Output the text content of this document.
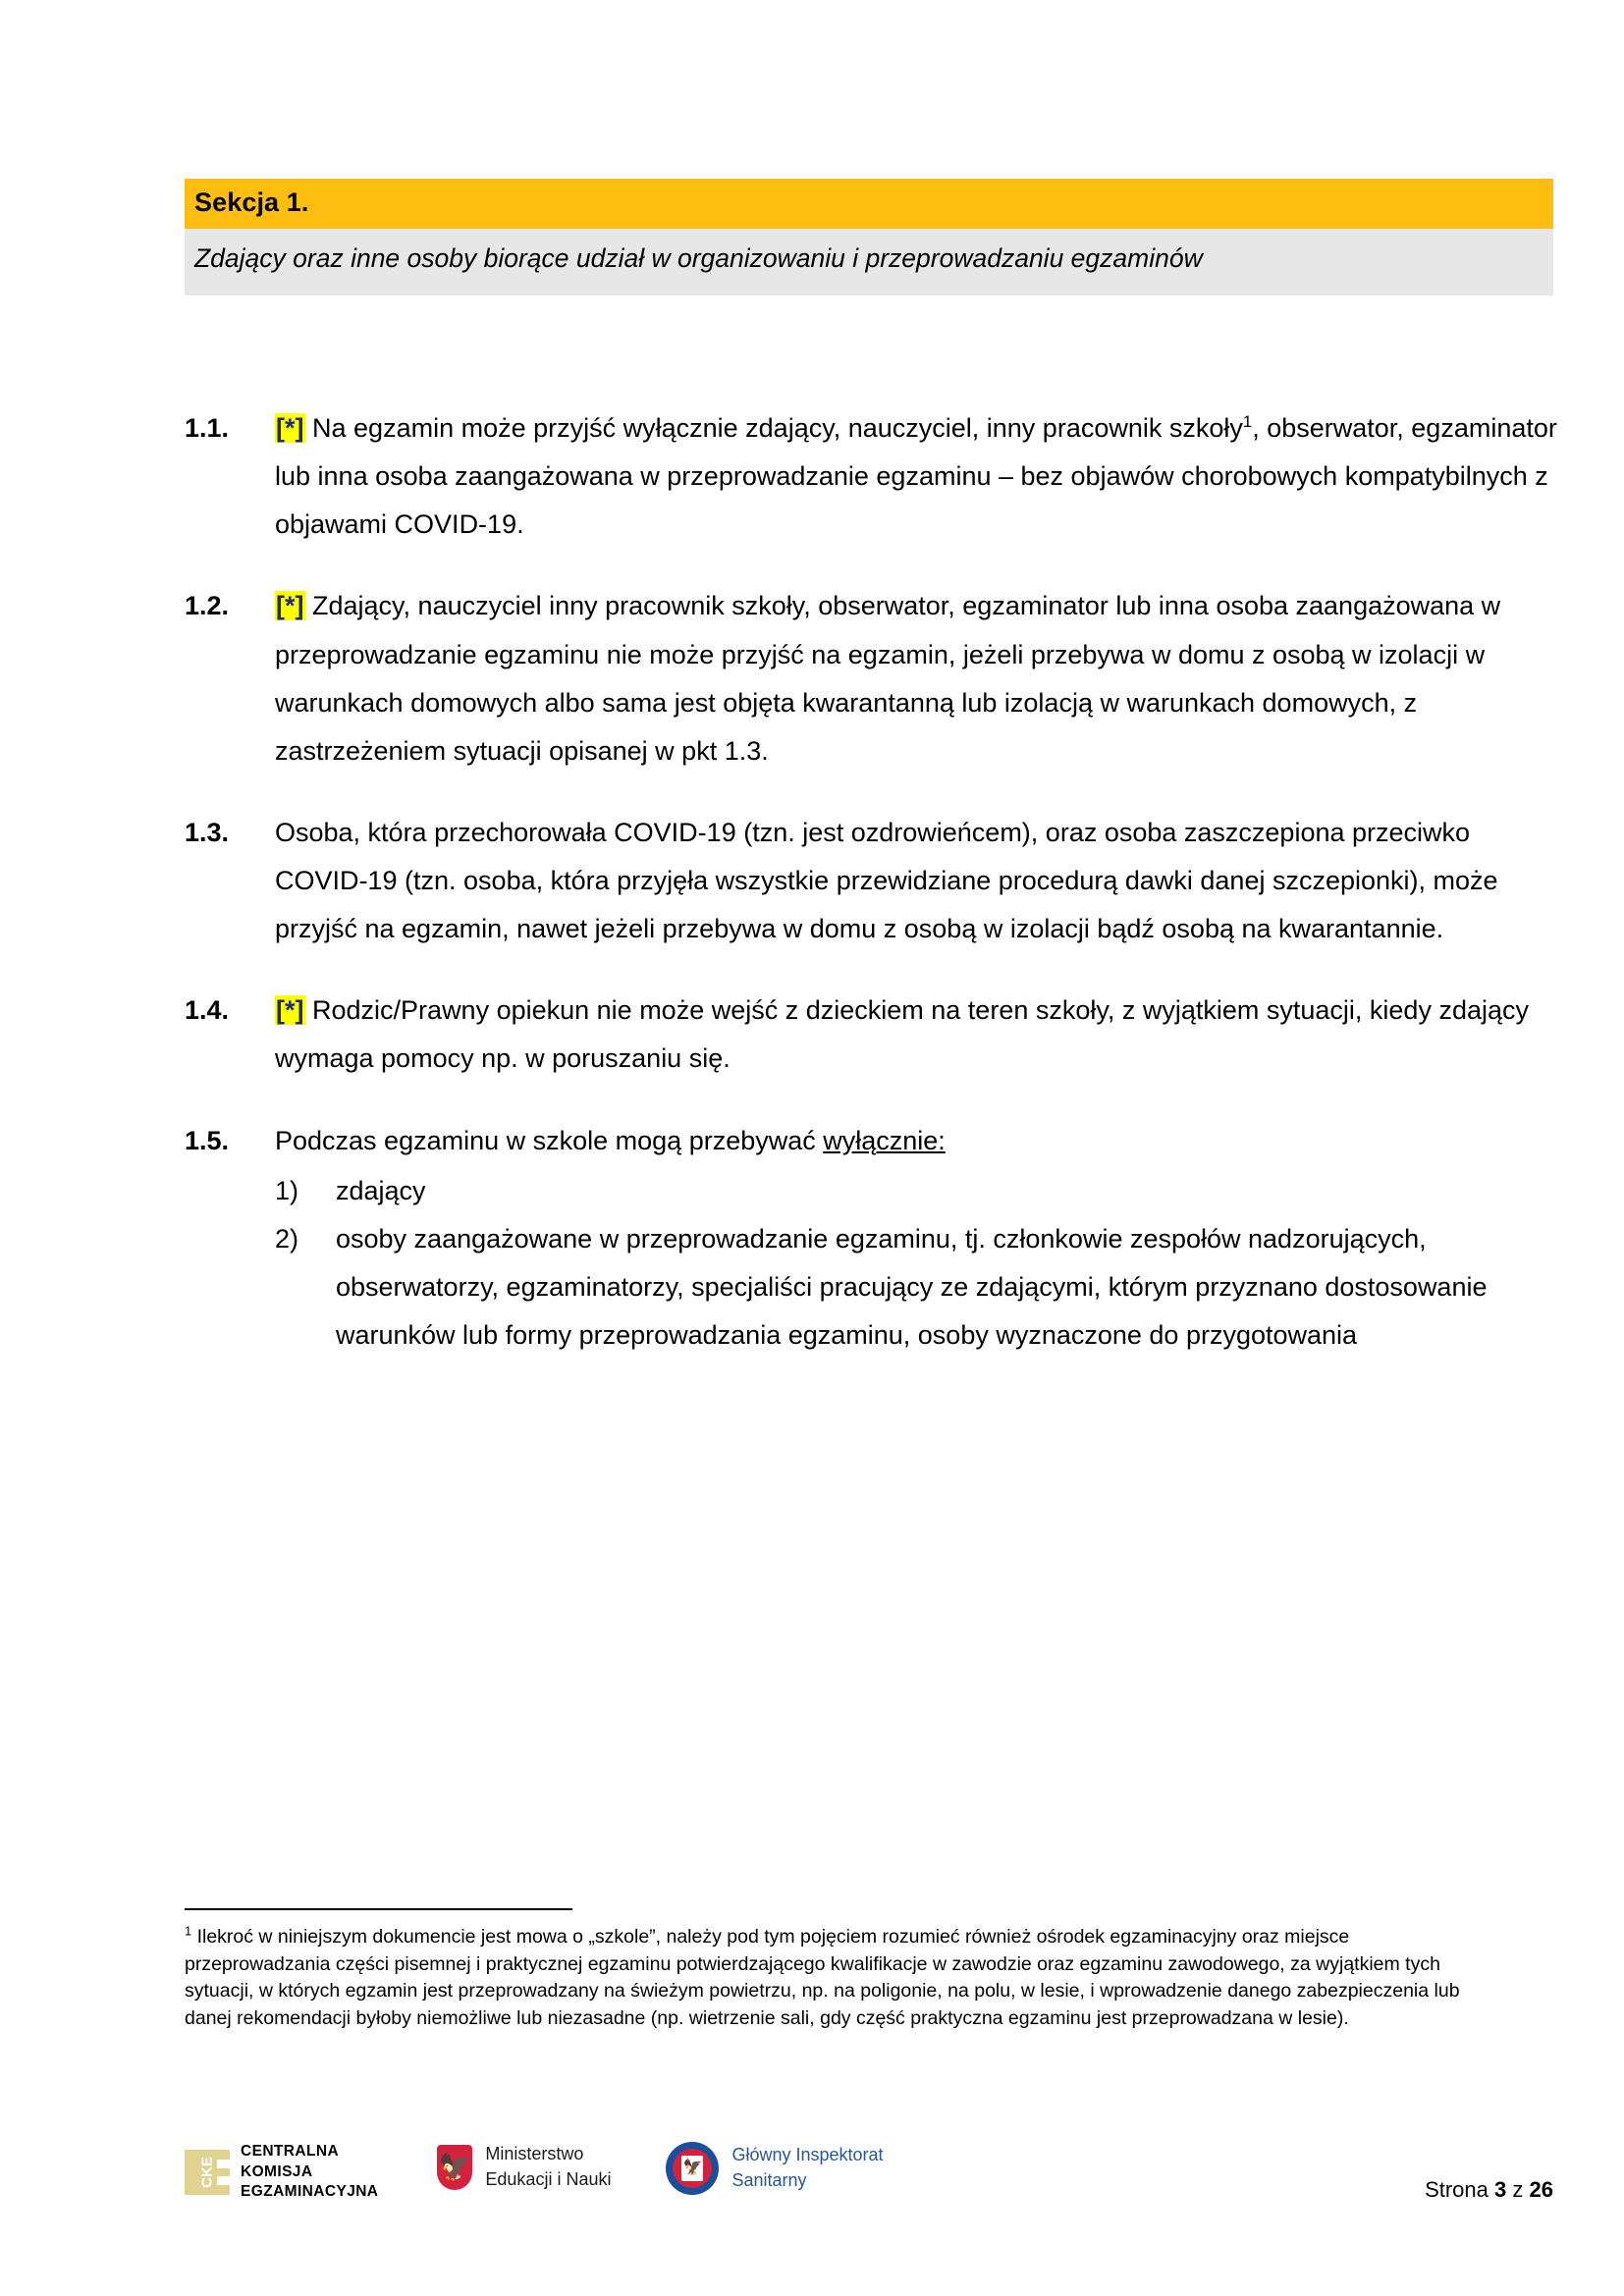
Sekcja 1.
Zdający oraz inne osoby biorące udział w organizowaniu i przeprowadzaniu egzaminów
1.1.	[*] Na egzamin może przyjść wyłącznie zdający, nauczyciel, inny pracownik szkoły$^1$, obserwator, egzaminator lub inna osoba zaangażowana w przeprowadzanie egzaminu – bez objawów chorobowych kompatybilnych z objawami COVID-19.

1.2.	[*] Zdający, nauczyciel inny pracownik szkoły, obserwator, egzaminator lub inna osoba zaangażowana w przeprowadzanie egzaminu nie może przyjść na egzamin, jeżeli przebywa w domu z osobą w izolacji w warunkach domowych albo sama jest objęta kwarantanną lub izolacją w warunkach domowych, z zastrzeżeniem sytuacji opisanej w pkt 1.3.

1.3.	Osoba, która przechorowała COVID-19 (tzn. jest ozdrowieńcem), oraz osoba zaszczepiona przeciwko COVID-19 (tzn. osoba, która przyjęła wszystkie przewidziane procedurą dawki danej szczepionki), może przyjść na egzamin, nawet jeżeli przebywa w domu z osobą w izolacji bądź osobą na kwarantannie.

1.4.	[*] Rodzic/Prawny opiekun nie może wejść z dzieckiem na teren szkoły, z wyjątkiem sytuacji, kiedy zdający wymaga pomocy np. w poruszaniu się.

1.5.	Podczas egzaminu w szkole mogą przebywać wyłącznie:

1)	zdający
2)	osoby zaangażowane w przeprowadzanie egzaminu, tj. członkowie zespołów nadzorujących, obserwatorzy, egzaminatorzy, specjaliści pracujący ze zdającymi, którym przyznano dostosowanie warunków lub formy przeprowadzania egzaminu, osoby wyznaczone do przygotowania
$^1$ Ilekroć w niniejszym dokumencie jest mowa o „szkole”, należy pod tym pojęciem rozumieć również ośrodek egzaminacyjny oraz miejsce przeprowadzania części pisemnej i praktycznej egzaminu potwierdzającego kwalifikacje w zawodzie oraz egzaminu zawodowego, za wyjątkiem tych sytuacji, w których egzamin jest przeprowadzany na świeżym powietrzu, np. na poligonie, na polu, w lesie, i wprowadzenie danego zabezpieczenia lub danej rekomendacji byłoby niemożliwe lub niezasadne (np. wietrzenie sali, gdy część praktyczna egzaminu jest przeprowadzana w lesie).
CKE
CENTRALNA
KOMISJA
EGZAMINACYJNA
🦅 Ministerstwo
Edukacji i Nauki
🦅
Główny Inspektorat
Sanitarny	Strona 3 z 26
